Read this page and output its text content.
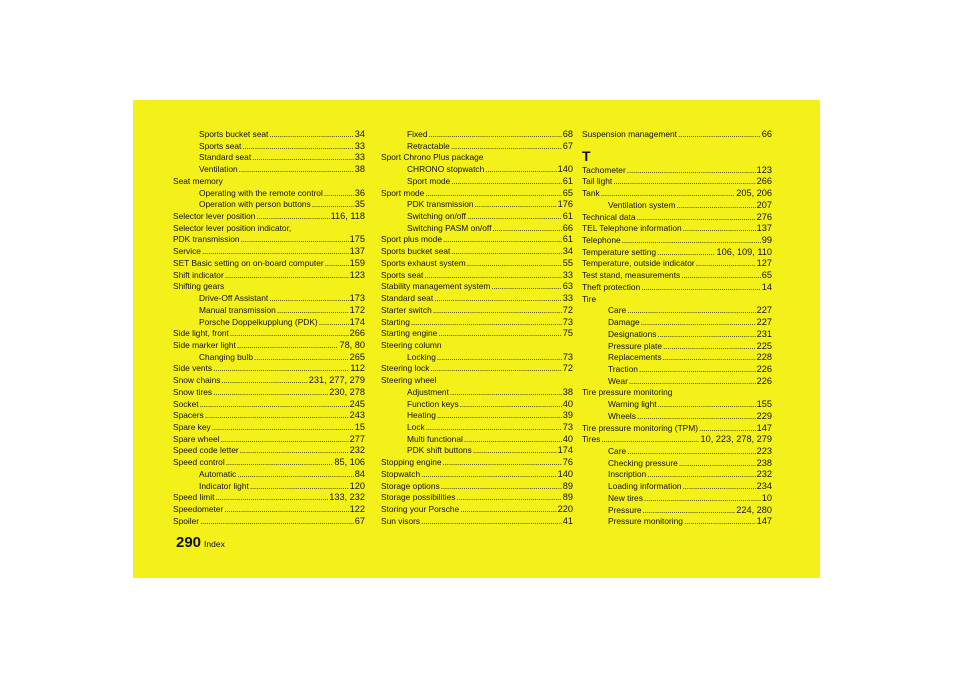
Sports bucket seat . . .	34
Sports seat . . .	33
Standard seat . . .	33
Ventilation . . .	38
Seat memory
Operating with the remote control . . .	36
Operation with person buttons . . .	35
Selector lever position . . .	116, 118
Selector lever position indicator,
PDK transmission . . .	175
Service . . .	137
SET Basic setting on on-board computer . . .	159
Shift indicator . . .	123
Shifting gears
Drive-Off Assistant . . .	173
Manual transmission . . .	172
Porsche Doppelkupplung (PDK) . . .	174
Side light, front . . .	266
Side marker light . . .	78, 80
Changing bulb . . .	265
Side vents . . .	112
Snow chains . . .	231, 277, 279
Snow tires . . .	230, 278
Socket . . .	245
Spacers . . .	243
Spare key . . .	15
Spare wheel . . .	277
Speed code letter . . .	232
Speed control . . .	85, 106
Automatic . . .	84
Indicator light . . .	120
Speed limit . . .	133, 232
Speedometer . . .	122
Spoiler . . .	67
Fixed . . .	68
Retractable . . .	67
Sport Chrono Plus package
CHRONO stopwatch . . .	140
Sport mode . . .	61
Sport mode . . .	65
PDK transmission . . .	176
Switching on/off . . .	61
Switching PASM on/off . . .	66
Sport plus mode . . .	61
Sports bucket seat . . .	34
Sports exhaust system . . .	55
Sports seat . . .	33
Stability management system . . .	63
Standard seat . . .	33
Starter switch . . .	72
Starting . . .	73
Starting engine . . .	75
Steering column
Locking . . .	73
Steering lock . . .	72
Steering wheel
Adjustment . . .	38
Function keys . . .	40
Heating . . .	39
Lock . . .	73
Multi functional . . .	40
PDK shift buttons . . .	174
Stopping engine . . .	76
Stopwatch . . .	140
Storage options . . .	89
Storage possibilities . . .	89
Storing your Porsche . . .	220
Sun visors . . .	41
Suspension management . . .	66
T
Tachometer . . .	123
Tail light . . .	266
Tank . . .	205, 206
Ventilation system . . .	207
Technical data . . .	276
TEL Telephone information . . .	137
Telephone . . .	99
Temperature setting . . .	106, 109, 110
Temperature, outside indicator . . .	127
Test stand, measurements . . .	65
Theft protection . . .	14
Tire
Care . . .	227
Damage . . .	227
Designations . . .	231
Pressure plate . . .	225
Replacements . . .	228
Traction . . .	226
Wear . . .	226
Tire pressure monitoring
Warning light . . .	155
Wheels . . .	229
Tire pressure monitoring (TPM) . . .	147
Tires . . .	10, 223, 278, 279
Care . . .	223
Checking pressure . . .	238
Inscription . . .	232
Loading information . . .	234
New tires . . .	10
Pressure . . .	224, 280
Pressure monitoring . . .	147
290 Index
